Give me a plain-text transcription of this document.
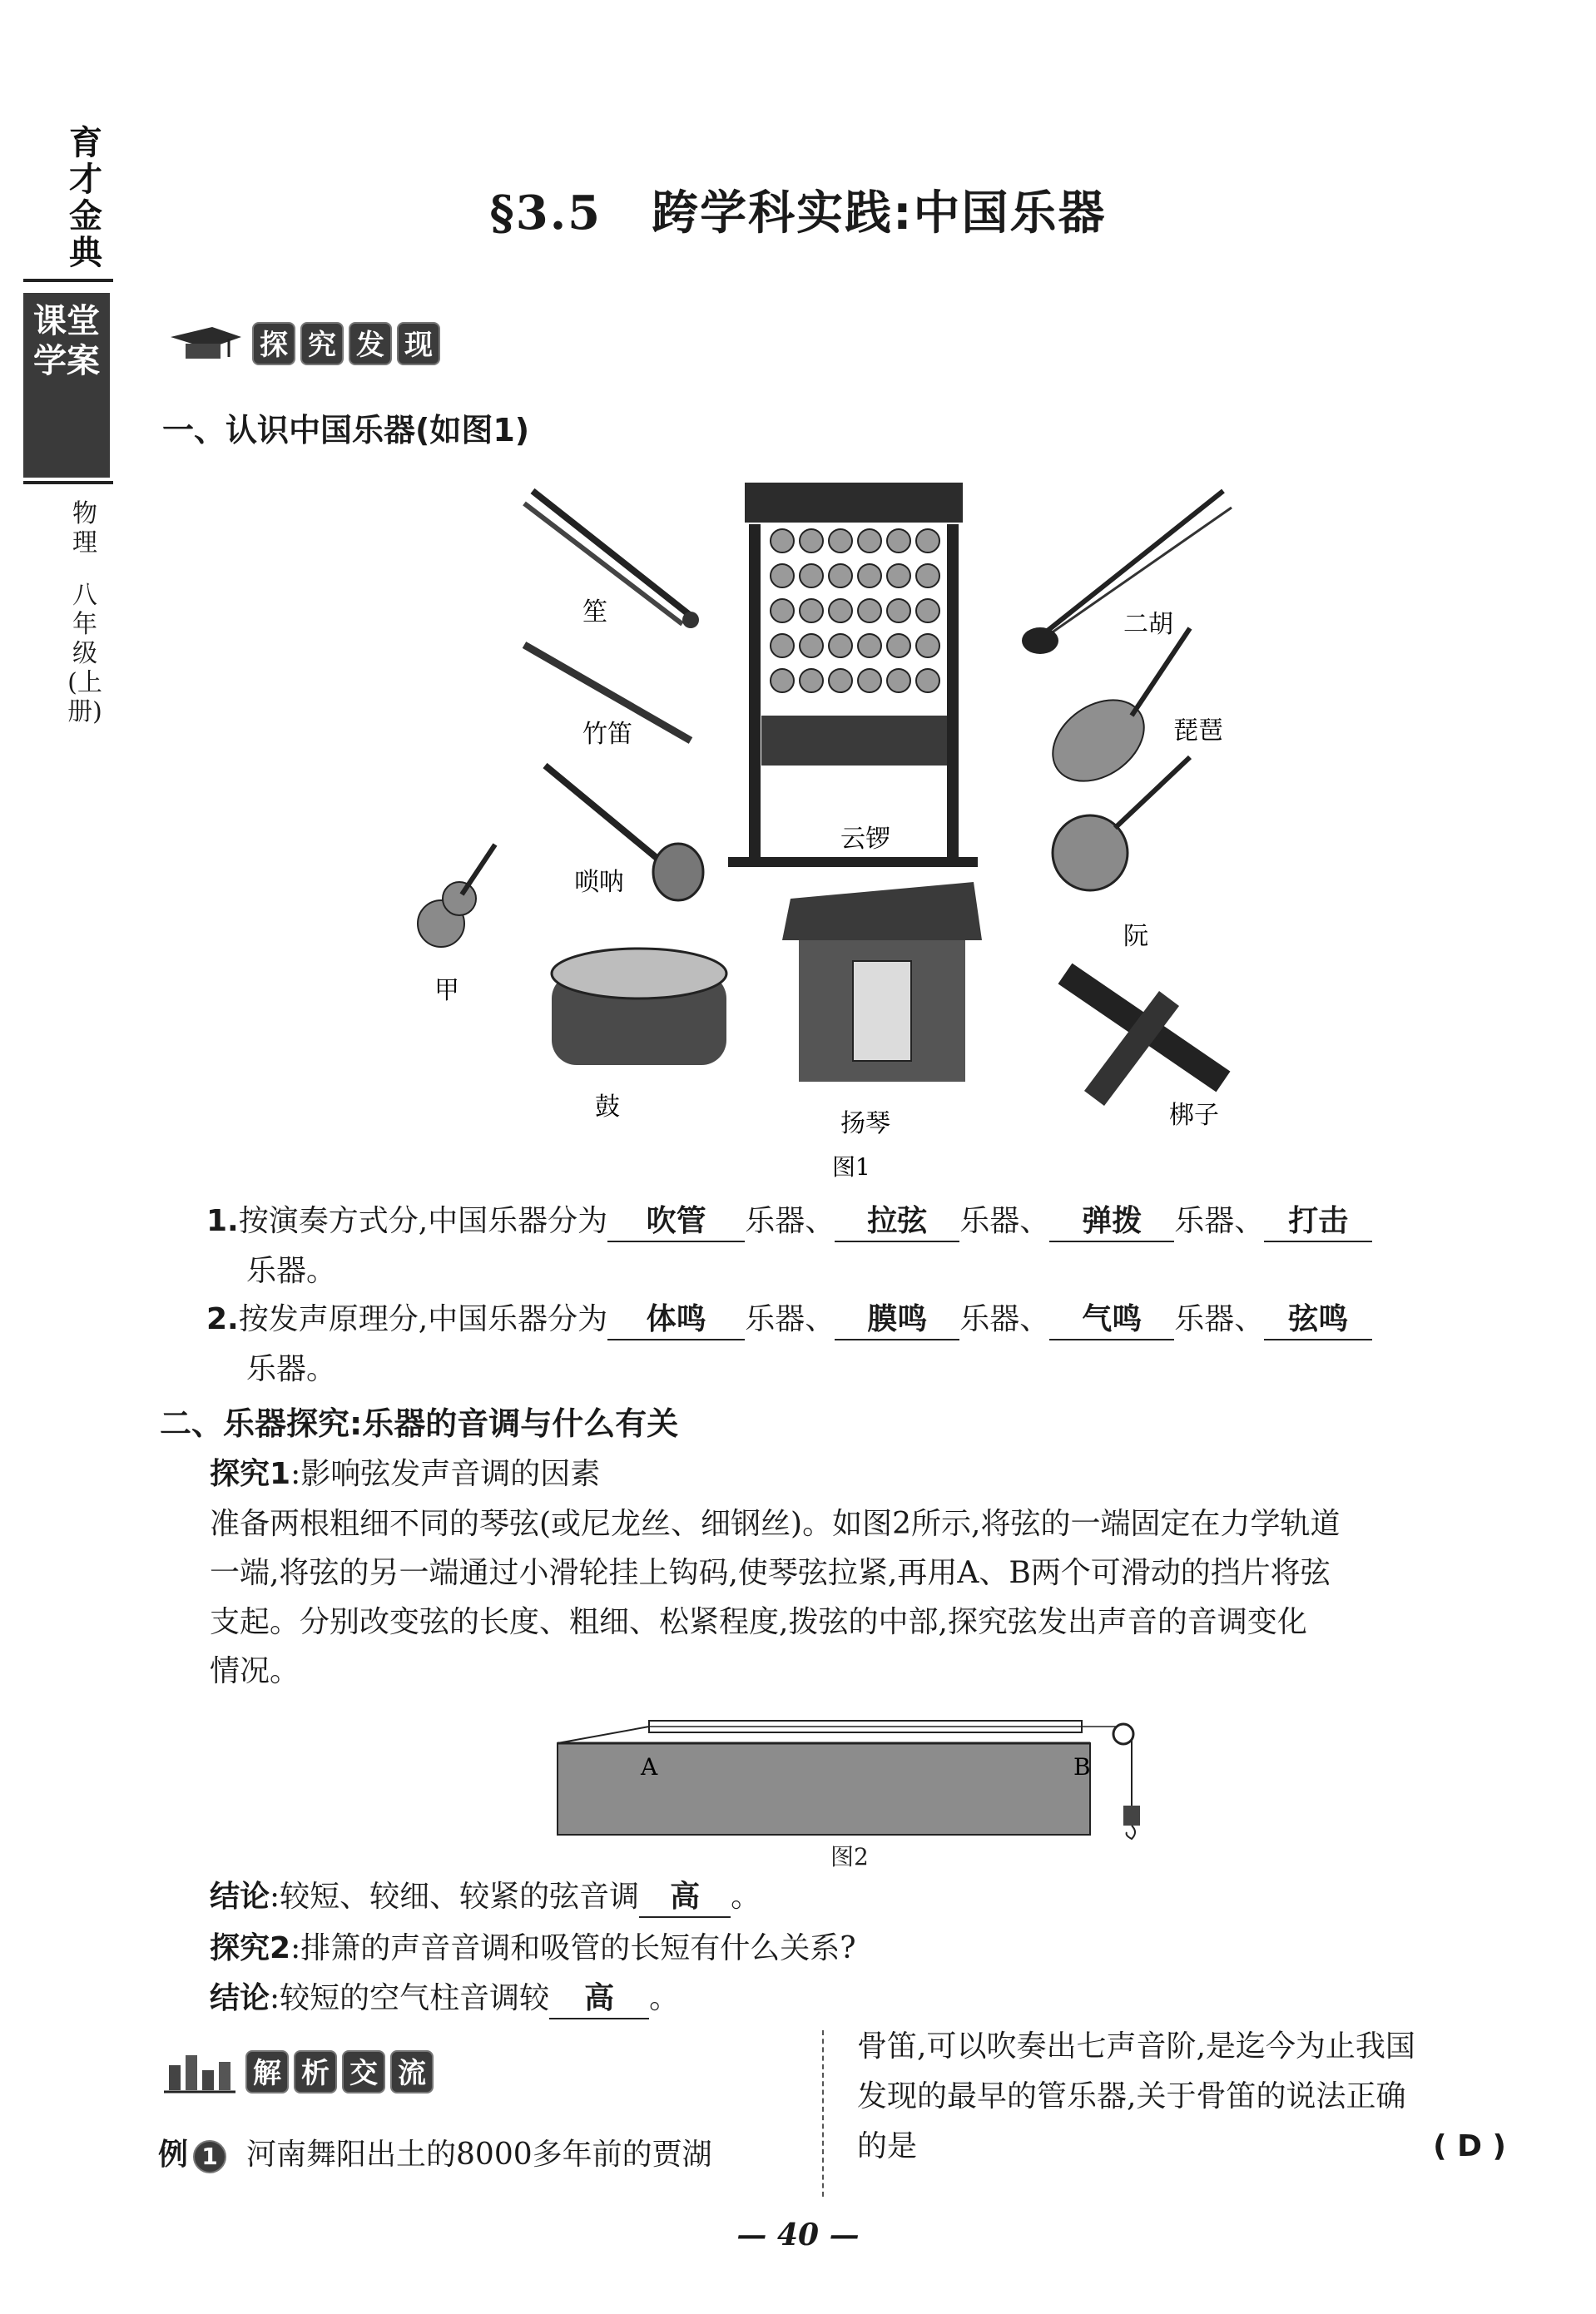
育才金典
课堂学案
物理
八年级(上册)
§3.5 跨学科实践:中国乐器
探 究 发 现
一、认识中国乐器(如图1)
笙
竹笛
唢呐
甲
鼓
云锣
扬琴
二胡
琵琶
阮
梆子
图1
1.按演奏方式分,中国乐器分为 吹管 乐器、 拉弦 乐器、 弹拨 乐器、 打击
乐器。
2.按发声原理分,中国乐器分为 体鸣 乐器、 膜鸣 乐器、 气鸣 乐器、 弦鸣
乐器。
二、乐器探究:乐器的音调与什么有关
探究1:影响弦发声音调的因素
准备两根粗细不同的琴弦(或尼龙丝、细钢丝)。如图2所示,将弦的一端固定在力学轨道
一端,将弦的另一端通过小滑轮挂上钩码,使琴弦拉紧,再用A、B两个可滑动的挡片将弦
支起。分别改变弦的长度、粗细、松紧程度,拨弦的中部,探究弦发出声音的音调变化
情况。
A	B
图2
结论:较短、较细、较紧的弦音调 高 。
探究2:排箫的声音音调和吸管的长短有什么关系?
结论:较短的空气柱音调较 高 。
解 析 交 流
例 1 河南舞阳出土的8000多年前的贾湖
骨笛,可以吹奏出七声音阶,是迄今为止我国
发现的最早的管乐器,关于骨笛的说法正确
的是	( D )
— 40 —
